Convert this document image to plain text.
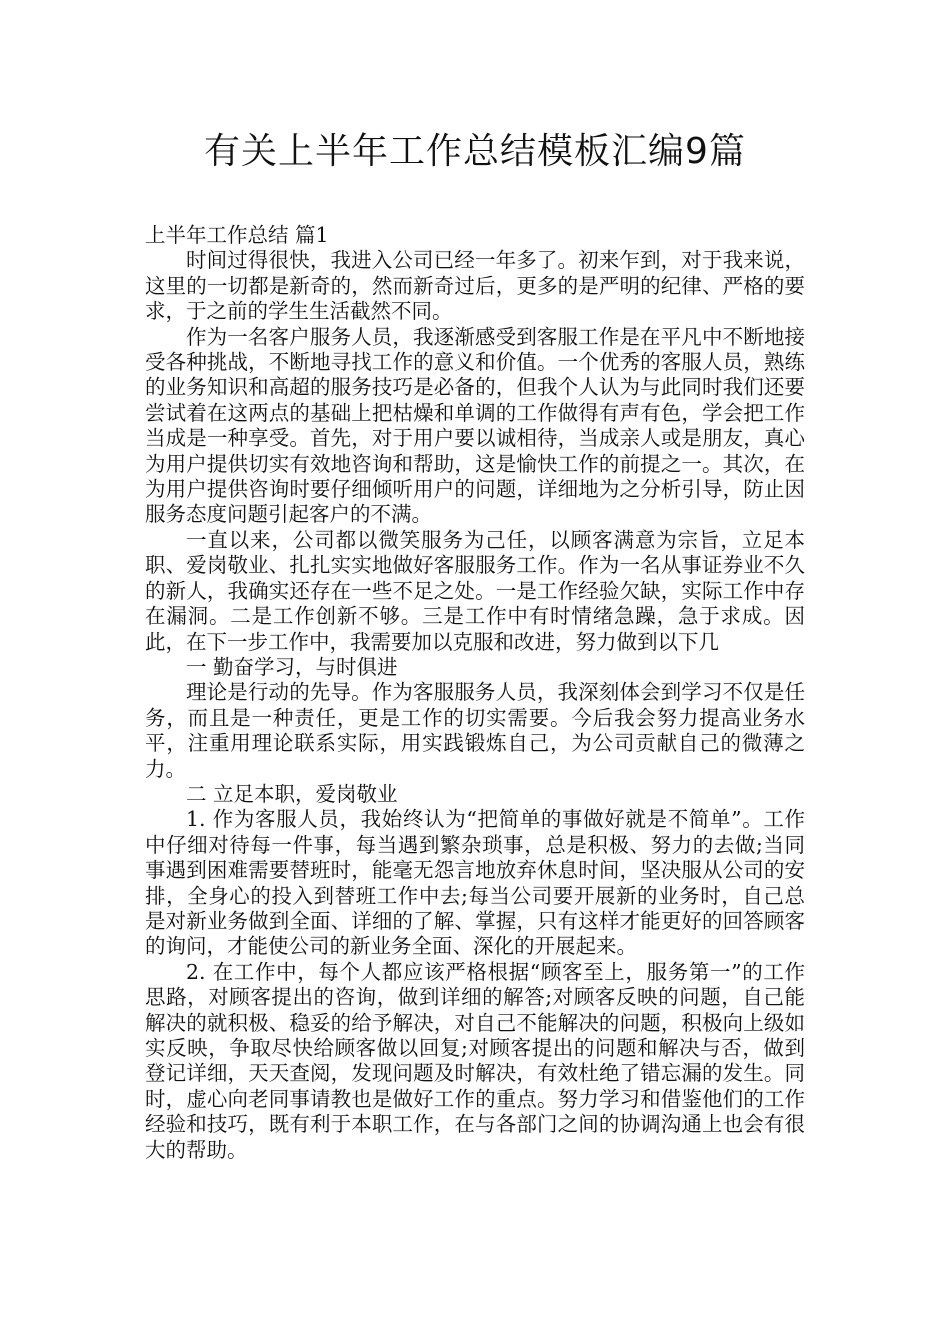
有关上半年工作总结模板汇编9篇

上半年工作总结 篇1

时间过得很快，我进入公司已经一年多了。初来乍到，对于我来说，这里的一切都是新奇的，然而新奇过后，更多的是严明的纪律、严格的要求，于之前的学生生活截然不同。

作为一名客户服务人员，我逐渐感受到客服工作是在平凡中不断地接受各种挑战，不断地寻找工作的意义和价值。一个优秀的客服人员，熟练的业务知识和高超的服务技巧是必备的，但我个人认为与此同时我们还要尝试着在这两点的基础上把枯燥和单调的工作做得有声有色，学会把工作当成是一种享受。首先，对于用户要以诚相待，当成亲人或是朋友，真心为用户提供切实有效地咨询和帮助，这是愉快工作的前提之一。其次，在为用户提供咨询时要仔细倾听用户的问题，详细地为之分析引导，防止因服务态度问题引起客户的不满。

一直以来，公司都以微笑服务为己任，以顾客满意为宗旨，立足本职、爱岗敬业、扎扎实实地做好客服服务工作。作为一名从事证券业不久的新人，我确实还存在一些不足之处。一是工作经验欠缺，实际工作中存在漏洞。二是工作创新不够。三是工作中有时情绪急躁，急于求成。因此，在下一步工作中，我需要加以克服和改进，努力做到以下几

一 勤奋学习，与时俱进

理论是行动的先导。作为客服服务人员，我深刻体会到学习不仅是任务，而且是一种责任，更是工作的切实需要。今后我会努力提高业务水平，注重用理论联系实际，用实践锻炼自己，为公司贡献自己的微薄之力。

二 立足本职，爱岗敬业

1. 作为客服人员，我始终认为“把简单的事做好就是不简单”。工作中仔细对待每一件事，每当遇到繁杂琐事，总是积极、努力的去做;当同事遇到困难需要替班时，能毫无怨言地放弃休息时间，坚决服从公司的安排，全身心的投入到替班工作中去;每当公司要开展新的业务时，自己总是对新业务做到全面、详细的了解、掌握，只有这样才能更好的回答顾客的询问，才能使公司的新业务全面、深化的开展起来。

2. 在工作中，每个人都应该严格根据“顾客至上，服务第一”的工作思路，对顾客提出的咨询，做到详细的解答;对顾客反映的问题，自己能解决的就积极、稳妥的给予解决，对自己不能解决的问题，积极向上级如实反映，争取尽快给顾客做以回复;对顾客提出的问题和解决与否，做到登记详细，天天查阅，发现问题及时解决，有效杜绝了错忘漏的发生。同时，虚心向老同事请教也是做好工作的重点。努力学习和借鉴他们的工作经验和技巧，既有利于本职工作，在与各部门之间的协调沟通上也会有很大的帮助。
